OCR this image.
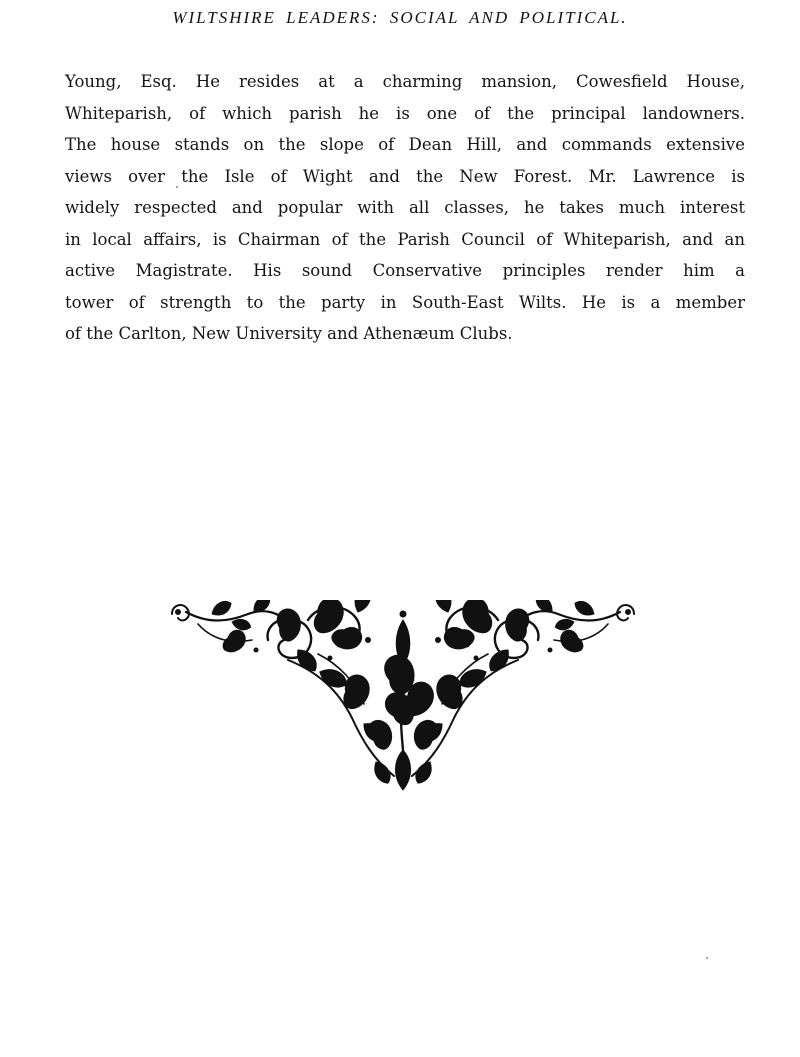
WILTSHIRE LEADERS: SOCIAL AND POLITICAL.
Young, Esq. He resides at a charming mansion, Cowesfield House,
Whiteparish, of which parish he is one of the principal landowners.
The house stands on the slope of Dean Hill, and commands extensive
views over the Isle of Wight and the New Forest. Mr. Lawrence is
widely respected and popular with all classes, he takes much interest
in local affairs, is Chairman of the Parish Council of Whiteparish, and an
active Magistrate. His sound Conservative principles render him a
tower of strength to the party in South-East Wilts. He is a member
of the Carlton, New University and Athenæum Clubs.
